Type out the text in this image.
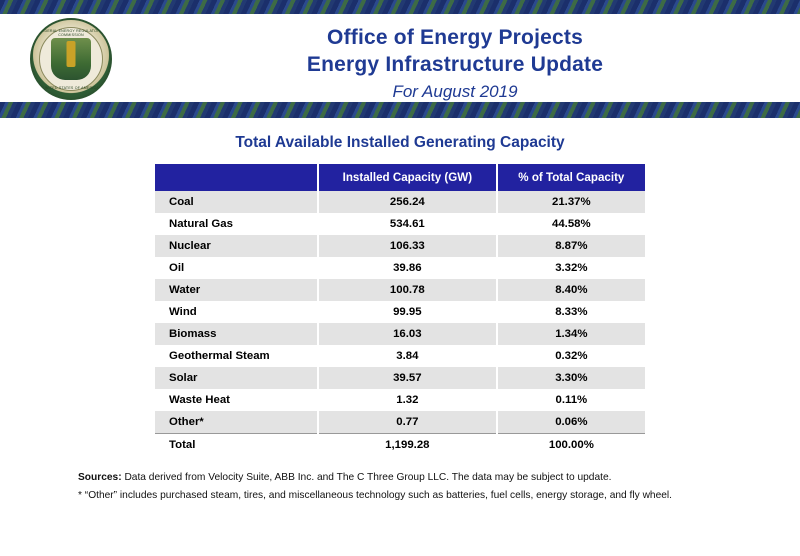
FEDERAL ENERGY REGULATORY COMMISSION
UNITED STATES OF AMERICA
Office of Energy Projects
Energy Infrastructure Update
For August 2019
Total Available Installed Generating Capacity
	Installed Capacity (GW)	% of Total Capacity
Coal	256.24	21.37%
Natural Gas	534.61	44.58%
Nuclear	106.33	8.87%
Oil	39.86	3.32%
Water	100.78	8.40%
Wind	99.95	8.33%
Biomass	16.03	1.34%
Geothermal Steam	3.84	0.32%
Solar	39.57	3.30%
Waste Heat	1.32	0.11%
Other*	0.77	0.06%
Total	1,199.28	100.00%
Sources: Data derived from Velocity Suite, ABB Inc. and The C Three Group LLC. The data may be subject to update.
* “Other” includes purchased steam, tires, and miscellaneous technology such as batteries, fuel cells, energy storage, and fly wheel.
